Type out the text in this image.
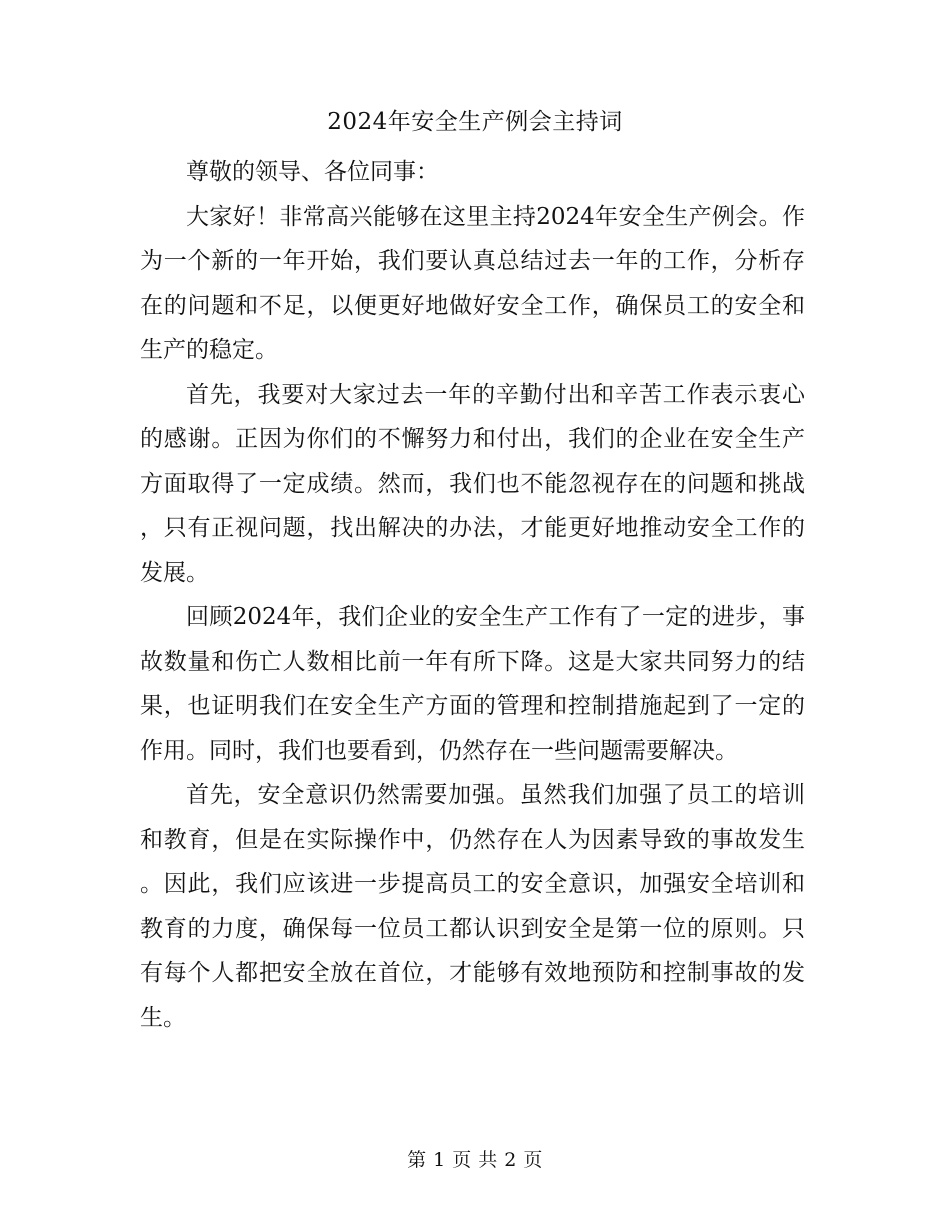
2024年安全生产例会主持词

尊敬的领导、各位同事：

大家好！非常高兴能够在这里主持2024年安全生产例会。作为一个新的一年开始，我们要认真总结过去一年的工作，分析存在的问题和不足，以便更好地做好安全工作，确保员工的安全和生产的稳定。

首先，我要对大家过去一年的辛勤付出和辛苦工作表示衷心的感谢。正因为你们的不懈努力和付出，我们的企业在安全生产方面取得了一定成绩。然而，我们也不能忽视存在的问题和挑战，只有正视问题，找出解决的办法，才能更好地推动安全工作的发展。

回顾2024年，我们企业的安全生产工作有了一定的进步，事故数量和伤亡人数相比前一年有所下降。这是大家共同努力的结果，也证明我们在安全生产方面的管理和控制措施起到了一定的作用。同时，我们也要看到，仍然存在一些问题需要解决。

首先，安全意识仍然需要加强。虽然我们加强了员工的培训和教育，但是在实际操作中，仍然存在人为因素导致的事故发生。因此，我们应该进一步提高员工的安全意识，加强安全培训和教育的力度，确保每一位员工都认识到安全是第一位的原则。只有每个人都把安全放在首位，才能够有效地预防和控制事故的发生。

第 1 页 共 2 页
